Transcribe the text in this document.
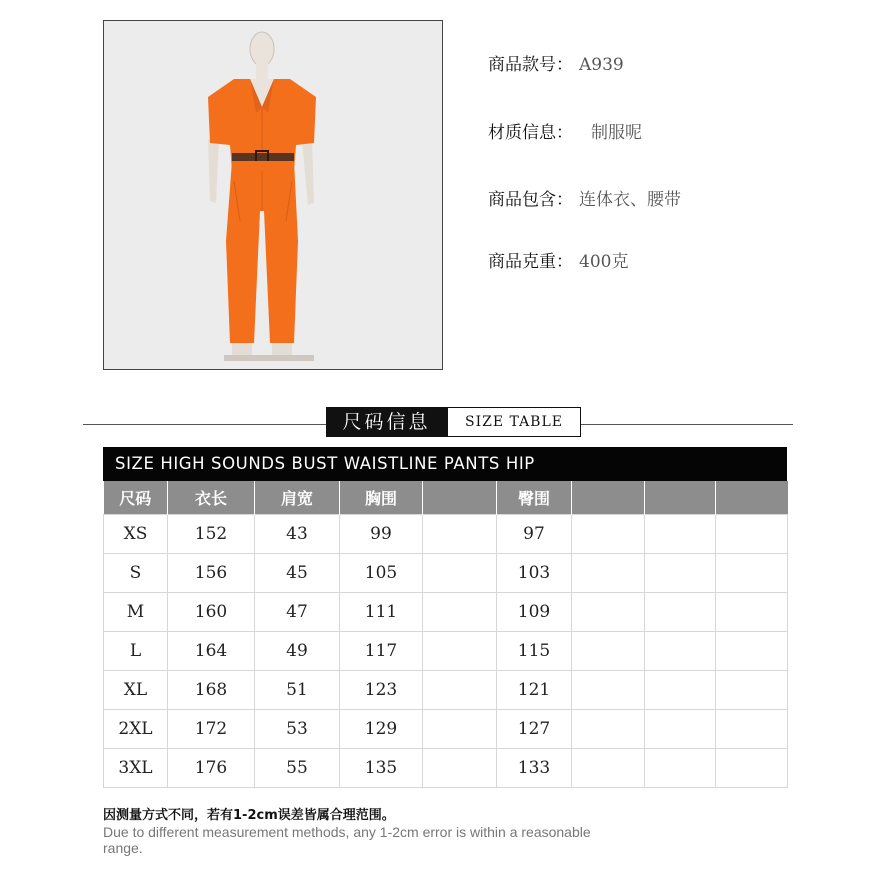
商品款号： A939
材质信息： 制服呢
商品包含： 连体衣、腰带
商品克重： 400克
尺码信息	SIZE TABLE
SIZE HIGH SOUNDS BUST WAISTLINE PANTS HIP
尺码	衣长	肩宽	胸围		臀围			
XS	152	43	99		97			
S	156	45	105		103			
M	160	47	111		109			
L	164	49	117		115			
XL	168	51	123		121			
2XL	172	53	129		127			
3XL	176	55	135		133			
因测量方式不同，若有1-2cm误差皆属合理范围。
Due to different measurement methods, any 1-2cm error is within a reasonable range.
